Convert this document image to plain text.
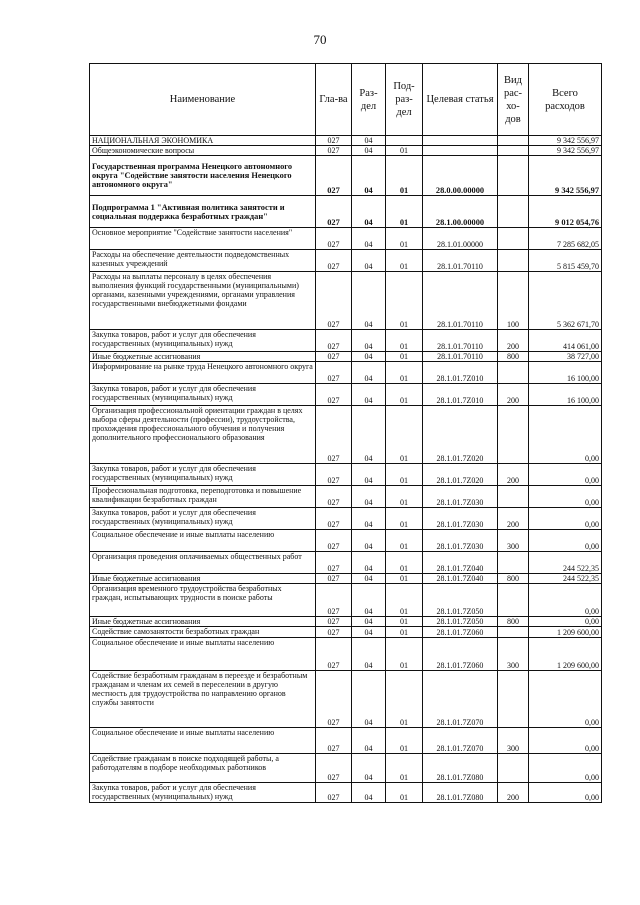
70
Наименование	Гла-ва	Раз-дел	Под-раз-дел	Целевая статья	Вид рас-хо-дов	Всего расходов
НАЦИОНАЛЬНАЯ ЭКОНОМИКА	027	04				9 342 556,97
Общеэкономические вопросы	027	04	01			9 342 556,97
Государственная программа Ненецкого автономного округа "Содействие занятости населения Ненецкого автономного округа"	027	04	01	28.0.00.00000		9 342 556,97
Подпрограмма 1 "Активная политика занятости и социальная поддержка безработных граждан"	027	04	01	28.1.00.00000		9 012 054,76
Основное мероприятие "Содействие занятости населения"	027	04	01	28.1.01.00000		7 285 682,05
Расходы на обеспечение деятельности подведомственных казенных учреждений	027	04	01	28.1.01.70110		5 815 459,70
Расходы на выплаты персоналу в целях обеспечения выполнения функций государственными (муниципальными) органами, казенными учреждениями, органами управления государственными внебюджетными фондами	027	04	01	28.1.01.70110	100	5 362 671,70
Закупка товаров, работ и услуг для обеспечения государственных (муниципальных) нужд	027	04	01	28.1.01.70110	200	414 061,00
Иные бюджетные ассигнования	027	04	01	28.1.01.70110	800	38 727,00
Информирование на рынке труда Ненецкого автономного округа	027	04	01	28.1.01.7Z010		16 100,00
Закупка товаров, работ и услуг для обеспечения государственных (муниципальных) нужд	027	04	01	28.1.01.7Z010	200	16 100,00
Организация профессиональной ориентации граждан в целях выбора сферы деятельности (профессии), трудоустройства, прохождения профессионального обучения и получения дополнительного профессионального образования	027	04	01	28.1.01.7Z020		0,00
Закупка товаров, работ и услуг для обеспечения государственных (муниципальных) нужд	027	04	01	28.1.01.7Z020	200	0,00
Профессиональная подготовка, переподготовка и повышение квалификации безработных граждан	027	04	01	28.1.01.7Z030		0,00
Закупка товаров, работ и услуг для обеспечения государственных (муниципальных) нужд	027	04	01	28.1.01.7Z030	200	0,00
Социальное обеспечение и иные выплаты населению	027	04	01	28.1.01.7Z030	300	0,00
Организация проведения оплачиваемых общественных работ	027	04	01	28.1.01.7Z040		244 522,35
Иные бюджетные ассигнования	027	04	01	28.1.01.7Z040	800	244 522,35
Организация временного трудоустройства безработных граждан, испытывающих трудности в поиске работы	027	04	01	28.1.01.7Z050		0,00
Иные бюджетные ассигнования	027	04	01	28.1.01.7Z050	800	0,00
Содействие самозанятости безработных граждан	027	04	01	28.1.01.7Z060		1 209 600,00
Социальное обеспечение и иные выплаты населению	027	04	01	28.1.01.7Z060	300	1 209 600,00
Содействие безработным гражданам в переезде и безработным гражданам и членам их семей в переселении в другую местность для трудоустройства по направлению органов службы занятости	027	04	01	28.1.01.7Z070		0,00
Социальное обеспечение и иные выплаты населению	027	04	01	28.1.01.7Z070	300	0,00
Содействие гражданам в поиске подходящей работы, а работодателям в подборе необходимых работников	027	04	01	28.1.01.7Z080		0,00
Закупка товаров, работ и услуг для обеспечения государственных (муниципальных) нужд	027	04	01	28.1.01.7Z080	200	0,00
